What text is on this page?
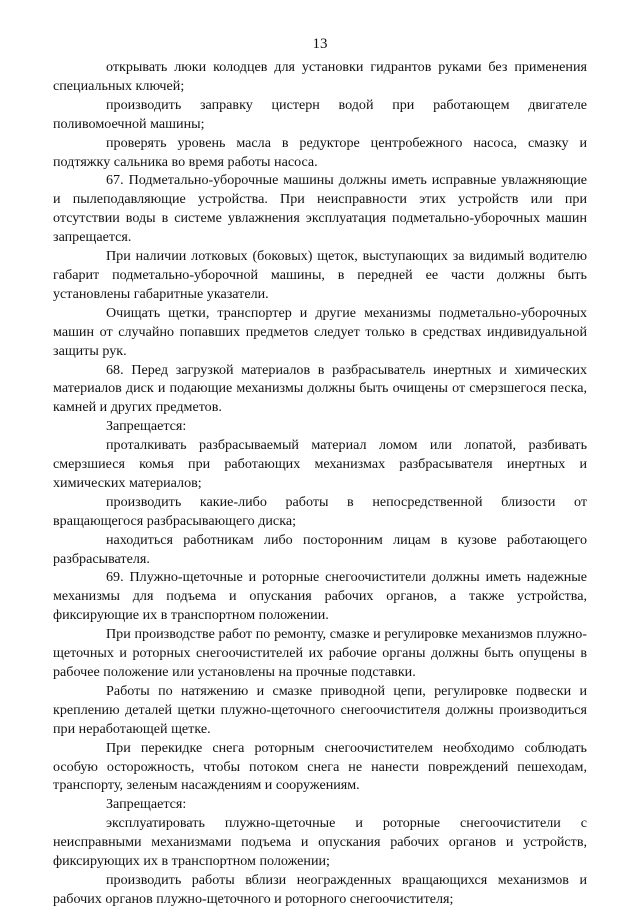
13

открывать люки колодцев для установки гидрантов руками без применения специальных ключей;

производить заправку цистерн водой при работающем двигателе поливомоечной машины;

проверять уровень масла в редукторе центробежного насоса, смазку и подтяжку сальника во время работы насоса.

67. Подметально-уборочные машины должны иметь исправные увлажняющие и пылеподавляющие устройства. При неисправности этих устройств или при отсутствии воды в системе увлажнения эксплуатация подметально-уборочных машин запрещается.

При наличии лотковых (боковых) щеток, выступающих за видимый водителю габарит подметально-уборочной машины, в передней ее части должны быть установлены габаритные указатели.

Очищать щетки, транспортер и другие механизмы подметально-уборочных машин от случайно попавших предметов следует только в средствах индивидуальной защиты рук.

68. Перед загрузкой материалов в разбрасыватель инертных и химических материалов диск и подающие механизмы должны быть очищены от смерзшегося песка, камней и других предметов.

Запрещается:

проталкивать разбрасываемый материал ломом или лопатой, разбивать смерзшиеся комья при работающих механизмах разбрасывателя инертных и химических материалов;

производить какие-либо работы в непосредственной близости от вращающегося разбрасывающего диска;

находиться работникам либо посторонним лицам в кузове работающего разбрасывателя.

69. Плужно-щеточные и роторные снегоочистители должны иметь надежные механизмы для подъема и опускания рабочих органов, а также устройства, фиксирующие их в транспортном положении.

При производстве работ по ремонту, смазке и регулировке механизмов плужно-щеточных и роторных снегоочистителей их рабочие органы должны быть опущены в рабочее положение или установлены на прочные подставки.

Работы по натяжению и смазке приводной цепи, регулировке подвески и креплению деталей щетки плужно-щеточного снегоочистителя должны производиться при неработающей щетке.

При перекидке снега роторным снегоочистителем необходимо соблюдать особую осторожность, чтобы потоком снега не нанести повреждений пешеходам, транспорту, зеленым насаждениям и сооружениям.

Запрещается:

эксплуатировать плужно-щеточные и роторные снегоочистители с неисправными механизмами подъема и опускания рабочих органов и устройств, фиксирующих их в транспортном положении;

производить работы вблизи неогражденных вращающихся механизмов и рабочих органов плужно-щеточного и роторного снегоочистителя;
